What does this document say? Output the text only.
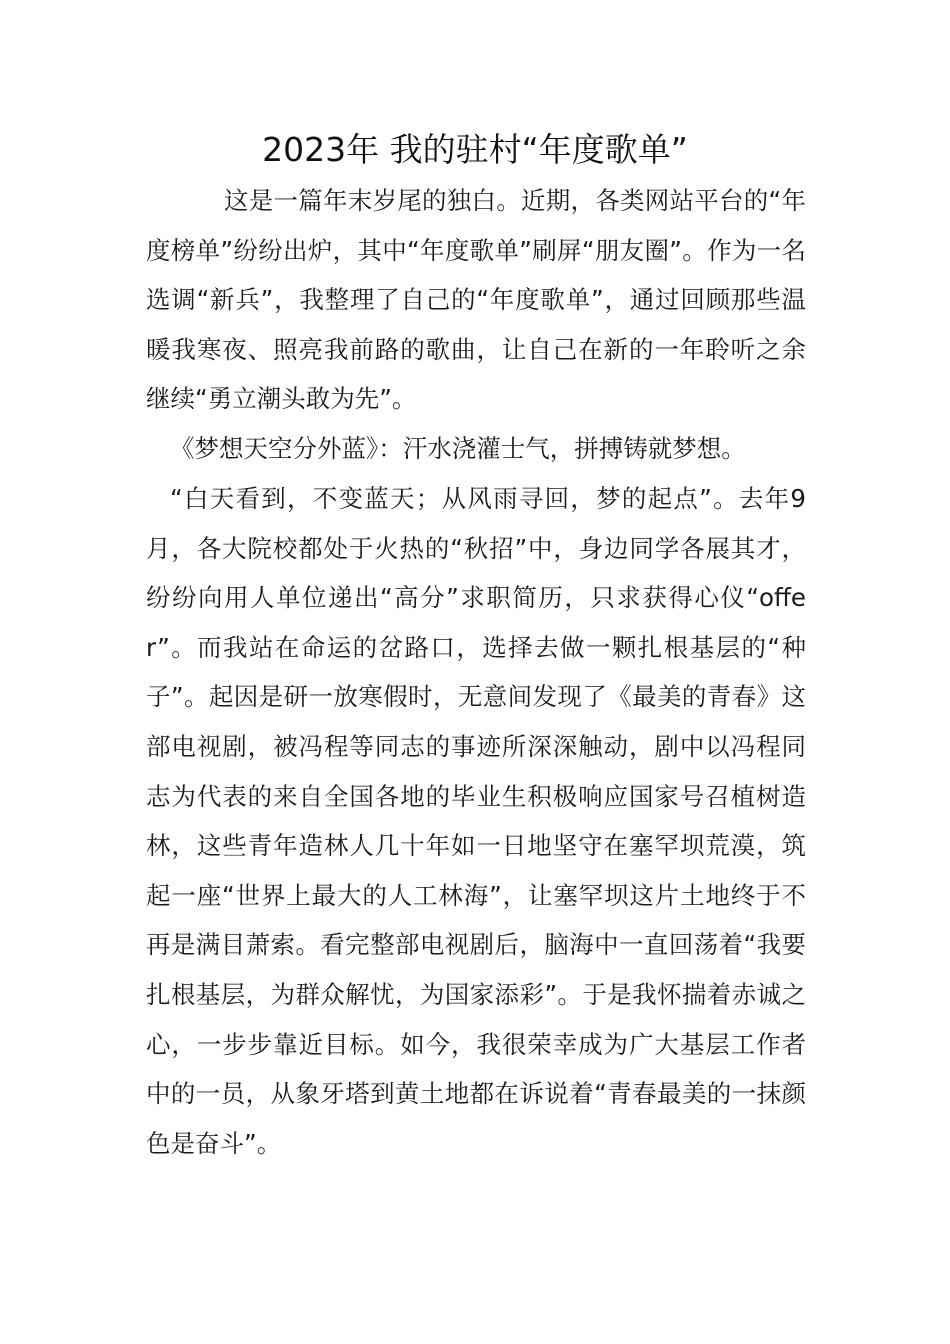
2023年 我的驻村“年度歌单”

这是一篇年末岁尾的独白。近期，各类网站平台的“年度榜单”纷纷出炉，其中“年度歌单”刷屏“朋友圈”。作为一名选调“新兵”，我整理了自己的“年度歌单”，通过回顾那些温暖我寒夜、照亮我前路的歌曲，让自己在新的一年聆听之余继续“勇立潮头敢为先”。

《梦想天空分外蓝》：汗水浇灌士气，拼搏铸就梦想。

“白天看到，不变蓝天；从风雨寻回，梦的起点”。去年9月，各大院校都处于火热的“秋招”中，身边同学各展其才，纷纷向用人单位递出“高分”求职简历，只求获得心仪“offer”。而我站在命运的岔路口，选择去做一颗扎根基层的“种子”。起因是研一放寒假时，无意间发现了《最美的青春》这部电视剧，被冯程等同志的事迹所深深触动，剧中以冯程同志为代表的来自全国各地的毕业生积极响应国家号召植树造林，这些青年造林人几十年如一日地坚守在塞罕坝荒漠，筑起一座“世界上最大的人工林海”，让塞罕坝这片土地终于不再是满目萧索。看完整部电视剧后，脑海中一直回荡着“我要扎根基层，为群众解忧，为国家添彩”。于是我怀揣着赤诚之心，一步步靠近目标。如今，我很荣幸成为广大基层工作者中的一员，从象牙塔到黄土地都在诉说着“青春最美的一抹颜色是奋斗”。
